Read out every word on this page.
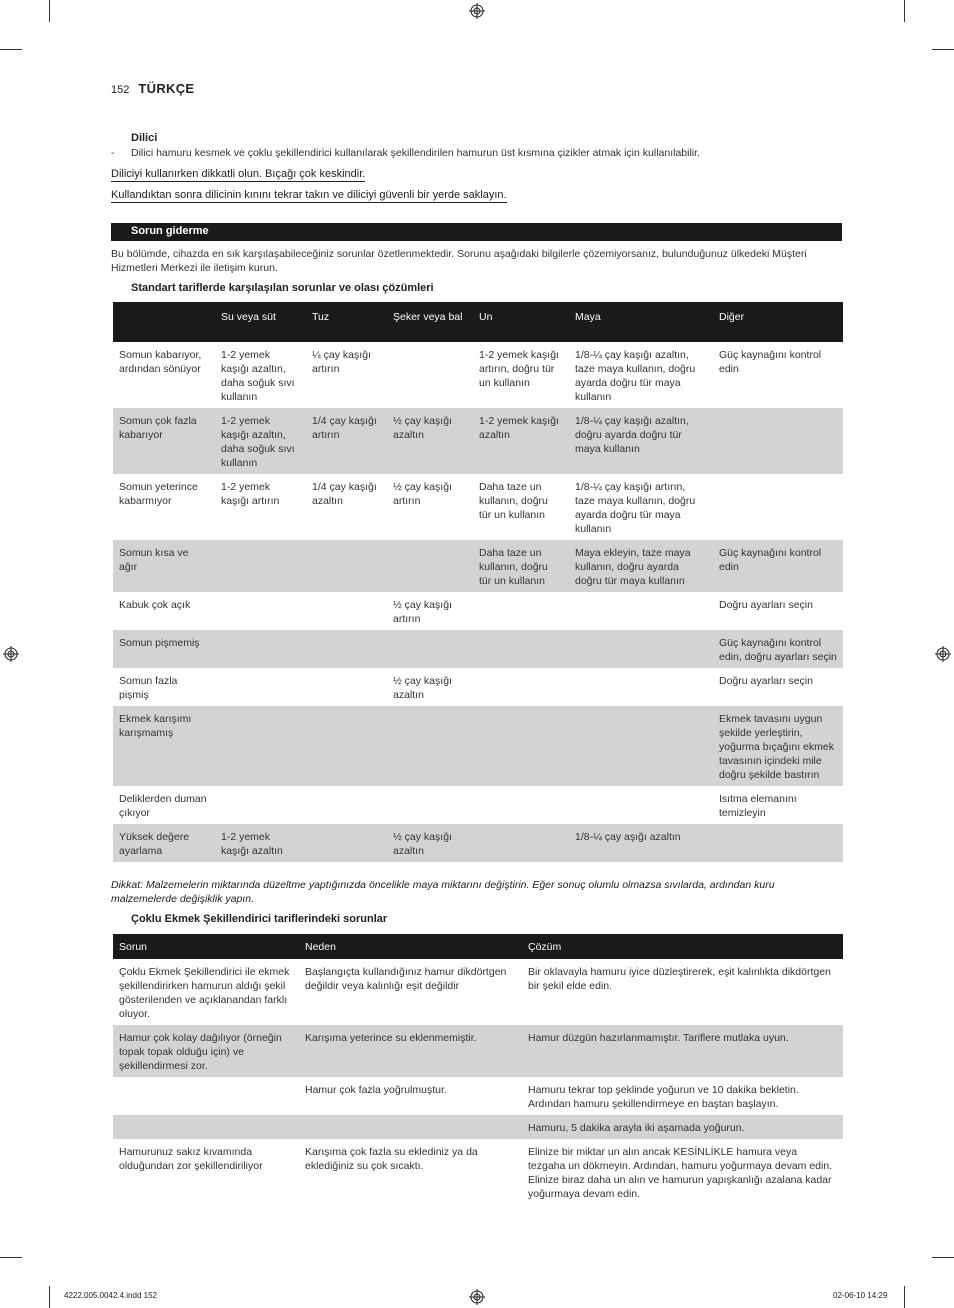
152 TÜRKÇE
Dilici
- Dilici hamuru kesmek ve çoklu şekillendirici kullanılarak şekillendirilen hamurun üst kısmına çizikler atmak için kullanılabilir.
Diliciyi kullanırken dikkatli olun. Bıçağı çok keskindir.
Kullandıktan sonra dilicinin kınını tekrar takın ve diliciyi güvenli bir yerde saklayın.
Sorun giderme
Bu bölümde, cihazda en sık karşılaşabileceğiniz sorunlar özetlenmektedir. Sorunu aşağıdaki bilgilerle çözemiyorsanız, bulunduğunuz ülkedeki Müşteri Hizmetleri Merkezi ile iletişim kurun.
Standart tariflerde karşılaşılan sorunlar ve olası çözümleri
	Su veya süt	Tuz	Şeker veya bal	Un	Maya	Diğer
Somun kabarıyor, ardından sönüyor	1-2 yemek kaşığı azaltın, daha soğuk sıvı kullanın	¼ çay kaşığı artırın		1-2 yemek kaşığı artırın, doğru tür un kullanın	1/8-¼ çay kaşığı azaltın, taze maya kullanın, doğru ayarda doğru tür maya kullanın	Güç kaynağını kontrol edin
Somun çok fazla kabarıyor	1-2 yemek kaşığı azaltın, daha soğuk sıvı kullanın	1/4 çay kaşığı artırın	½ çay kaşığı azaltın	1-2 yemek kaşığı azaltın	1/8-¼ çay kaşığı azaltın, doğru ayarda doğru tür maya kullanın	
Somun yeterince kabarmıyor	1-2 yemek kaşığı artırın	1/4 çay kaşığı azaltın	½ çay kaşığı artırın	Daha taze un kullanın, doğru tür un kullanın	1/8-¼ çay kaşığı artırın, taze maya kullanın, doğru ayarda doğru tür maya kullanın	
Somun kısa ve ağır				Daha taze un kullanın, doğru tür un kullanın	Maya ekleyin, taze maya kullanın, doğru ayarda doğru tür maya kullanın	Güç kaynağını kontrol edin
Kabuk çok açık			½ çay kaşığı artırın			Doğru ayarları seçin
Somun pişmemiş						Güç kaynağını kontrol edin, doğru ayarları seçin
Somun fazla pişmiş			½ çay kaşığı azaltın			Doğru ayarları seçin
Ekmek karışımı karışmamış						Ekmek tavasını uygun şekilde yerleştirin, yoğurma bıçağını ekmek tavasının içindeki mile doğru şekilde bastırın
Deliklerden duman çıkıyor						Isıtma elemanını temizleyin
Yüksek değere ayarlama	1-2 yemek kaşığı azaltın		½ çay kaşığı azaltın		1/8-¼ çay aşığı azaltın	
Dikkat: Malzemelerin miktarında düzeltme yaptığınızda öncelikle maya miktarını değiştirin. Eğer sonuç olumlu olmazsa sıvılarda, ardından kuru malzemelerde değişiklik yapın.
Çoklu Ekmek Şekillendirici tariflerindeki sorunlar
Sorun	Neden	Çözüm
Çoklu Ekmek Şekillendirici ile ekmek şekillendirirken hamurun aldığı şekil gösterilenden ve açıklanandan farklı oluyor.	Başlangıçta kullandığınız hamur dikdörtgen değildir veya kalınlığı eşit değildir	Bir oklavayla hamuru iyice düzleştirerek, eşit kalınlıkta dikdörtgen bir şekil elde edin.
Hamur çok kolay dağılıyor (örneğin topak topak olduğu için) ve şekillendirmesi zor.	Karışıma yeterince su eklenmemiştir.	Hamur düzgün hazırlanmamıştır. Tariflere mutlaka uyun.
	Hamur çok fazla yoğrulmuştur.	Hamuru tekrar top şeklinde yoğurun ve 10 dakika bekletin. Ardından hamuru şekillendirmeye en baştan başlayın.
		Hamuru, 5 dakika arayla iki aşamada yoğurun.
Hamurunuz sakız kıvamında olduğundan zor şekillendiriliyor	Karışıma çok fazla su eklediniz ya da eklediğiniz su çok sıcaktı.	Elinize bir miktar un alın ancak KESİNLİKLE hamura veya tezgaha un dökmeyin. Ardından, hamuru yoğurmaya devam edin. Elinize biraz daha un alın ve hamurun yapışkanlığı azalana kadar yoğurmaya devam edin.
4222.005.0042.4.indd 152	02-06-10 14:29
